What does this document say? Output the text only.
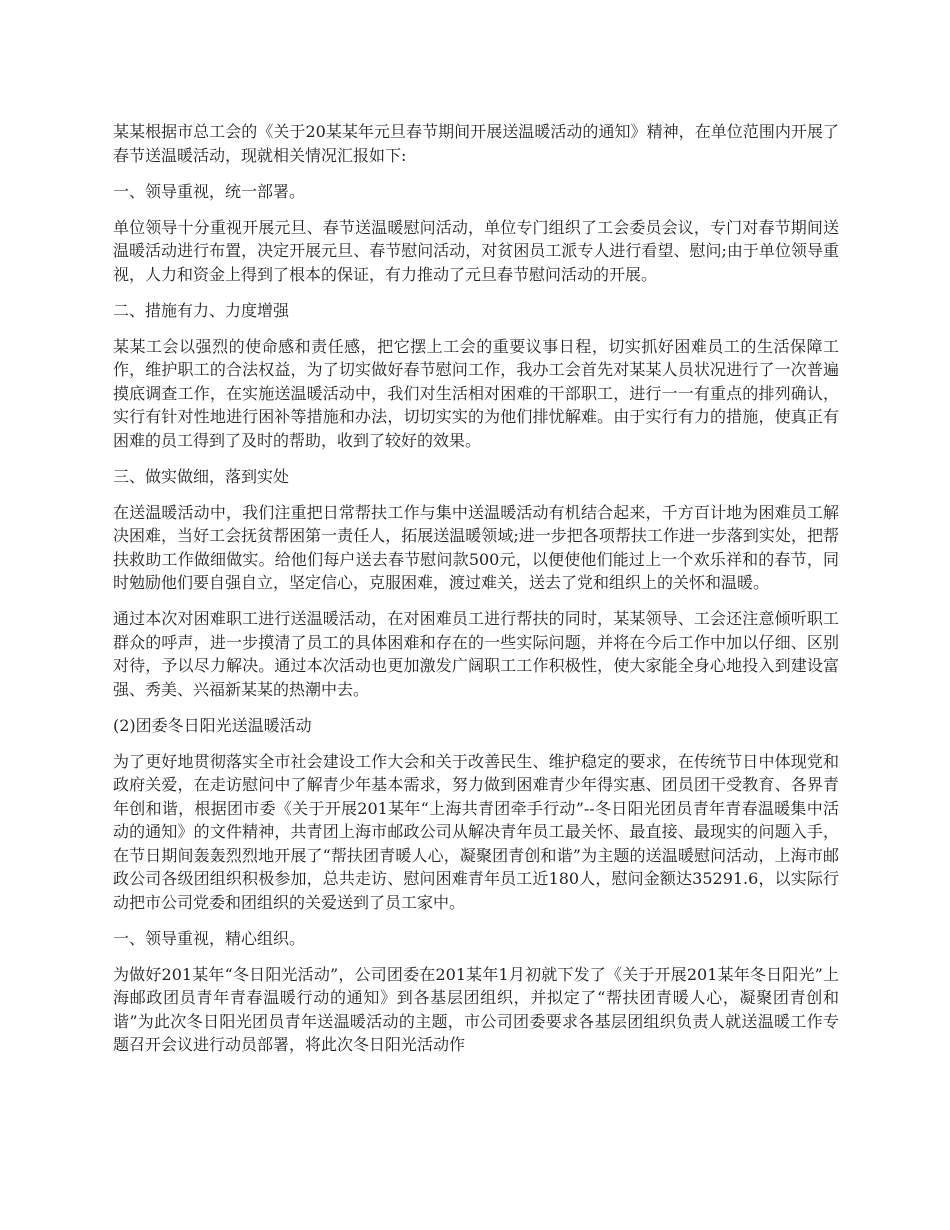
某某根据市总工会的《关于20某某年元旦春节期间开展送温暖活动的通知》精神，在单位范围内开展了春节送温暖活动，现就相关情况汇报如下:

一、领导重视，统一部署。

单位领导十分重视开展元旦、春节送温暖慰问活动，单位专门组织了工会委员会议，专门对春节期间送温暖活动进行布置，决定开展元旦、春节慰问活动，对贫困员工派专人进行看望、慰问;由于单位领导重视，人力和资金上得到了根本的保证，有力推动了元旦春节慰问活动的开展。

二、措施有力、力度增强

某某工会以强烈的使命感和责任感，把它摆上工会的重要议事日程，切实抓好困难员工的生活保障工作，维护职工的合法权益，为了切实做好春节慰问工作，我办工会首先对某某人员状况进行了一次普遍摸底调查工作，在实施送温暖活动中，我们对生活相对困难的干部职工，进行一一有重点的排列确认，实行有针对性地进行困补等措施和办法，切切实实的为他们排忧解难。由于实行有力的措施，使真正有困难的员工得到了及时的帮助，收到了较好的效果。

三、做实做细，落到实处

在送温暖活动中，我们注重把日常帮扶工作与集中送温暖活动有机结合起来，千方百计地为困难员工解决困难，当好工会抚贫帮困第一责任人，拓展送温暖领域;进一步把各项帮扶工作进一步落到实处，把帮扶救助工作做细做实。给他们每户送去春节慰问款500元，以便使他们能过上一个欢乐祥和的春节，同时勉励他们要自强自立，坚定信心，克服困难，渡过难关，送去了党和组织上的关怀和温暖。

通过本次对困难职工进行送温暖活动，在对困难员工进行帮扶的同时，某某领导、工会还注意倾听职工群众的呼声，进一步摸清了员工的具体困难和存在的一些实际问题，并将在今后工作中加以仔细、区别对待，予以尽力解决。通过本次活动也更加激发广阔职工工作积极性，使大家能全身心地投入到建设富强、秀美、兴福新某某的热潮中去。

(2)团委冬日阳光送温暖活动

为了更好地贯彻落实全市社会建设工作大会和关于改善民生、维护稳定的要求，在传统节日中体现党和政府关爱，在走访慰问中了解青少年基本需求，努力做到困难青少年得实惠、团员团干受教育、各界青年创和谐，根据团市委《关于开展201某年“上海共青团牵手行动”--冬日阳光团员青年青春温暖集中活动的通知》的文件精神，共青团上海市邮政公司从解决青年员工最关怀、最直接、最现实的问题入手，在节日期间轰轰烈烈地开展了“帮扶团青暖人心，凝聚团青创和谐”为主题的送温暖慰问活动，上海市邮政公司各级团组织积极参加，总共走访、慰问困难青年员工近180人，慰问金额达35291.6，以实际行动把市公司党委和团组织的关爱送到了员工家中。

一、领导重视，精心组织。

为做好201某年“冬日阳光活动”，公司团委在201某年1月初就下发了《关于开展201某年冬日阳光”上海邮政团员青年青春温暖行动的通知》到各基层团组织，并拟定了“帮扶团青暖人心，凝聚团青创和谐”为此次冬日阳光团员青年送温暖活动的主题，市公司团委要求各基层团组织负责人就送温暖工作专题召开会议进行动员部署，将此次冬日阳光活动作
